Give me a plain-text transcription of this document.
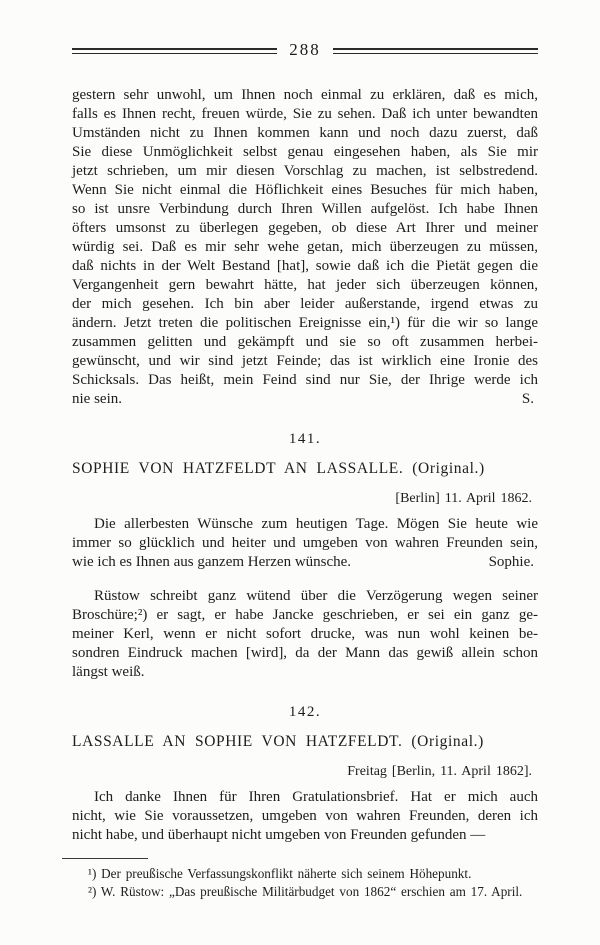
288
gestern sehr unwohl, um Ihnen noch einmal zu erklären, daß es mich,
falls es Ihnen recht, freuen würde, Sie zu sehen. Daß ich unter bewandten
Umständen nicht zu Ihnen kommen kann und noch dazu zuerst, daß
Sie diese Unmöglichkeit selbst genau eingesehen haben, als Sie mir
jetzt schrieben, um mir diesen Vorschlag zu machen, ist selbstredend.
Wenn Sie nicht einmal die Höflichkeit eines Besuches für mich haben,
so ist unsre Verbindung durch Ihren Willen aufgelöst. Ich habe Ihnen
öfters umsonst zu überlegen gegeben, ob diese Art Ihrer und meiner
würdig sei. Daß es mir sehr wehe getan, mich überzeugen zu müssen,
daß nichts in der Welt Bestand [hat], sowie daß ich die Pietät gegen die
Vergangenheit gern bewahrt hätte, hat jeder sich überzeugen können,
der mich gesehen. Ich bin aber leider außerstande, irgend etwas zu
ändern. Jetzt treten die politischen Ereignisse ein,¹) für die wir so lange
zusammen gelitten und gekämpft und sie so oft zusammen herbei-
gewünscht, und wir sind jetzt Feinde; das ist wirklich eine Ironie des
Schicksals. Das heißt, mein Feind sind nur Sie, der Ihrige werde ich
nie sein.	S.
141.
SOPHIE VON HATZFELDT AN LASSALLE. (Original.)
[Berlin] 11. April 1862.
Die allerbesten Wünsche zum heutigen Tage. Mögen Sie heute wie
immer so glücklich und heiter und umgeben von wahren Freunden sein,
wie ich es Ihnen aus ganzem Herzen wünsche.	Sophie.
Rüstow schreibt ganz wütend über die Verzögerung wegen seiner
Broschüre;²) er sagt, er habe Jancke geschrieben, er sei ein ganz ge-
meiner Kerl, wenn er nicht sofort drucke, was nun wohl keinen be-
sondren Eindruck machen [wird], da der Mann das gewiß allein schon
längst weiß.
142.
LASSALLE AN SOPHIE VON HATZFELDT. (Original.)
Freitag [Berlin, 11. April 1862].
Ich danke Ihnen für Ihren Gratulationsbrief. Hat er mich auch
nicht, wie Sie voraussetzen, umgeben von wahren Freunden, deren ich
nicht habe, und überhaupt nicht umgeben von Freunden gefunden —
¹) Der preußische Verfassungskonflikt näherte sich seinem Höhepunkt.
²) W. Rüstow: „Das preußische Militärbudget von 1862“ erschien am 17. April.
